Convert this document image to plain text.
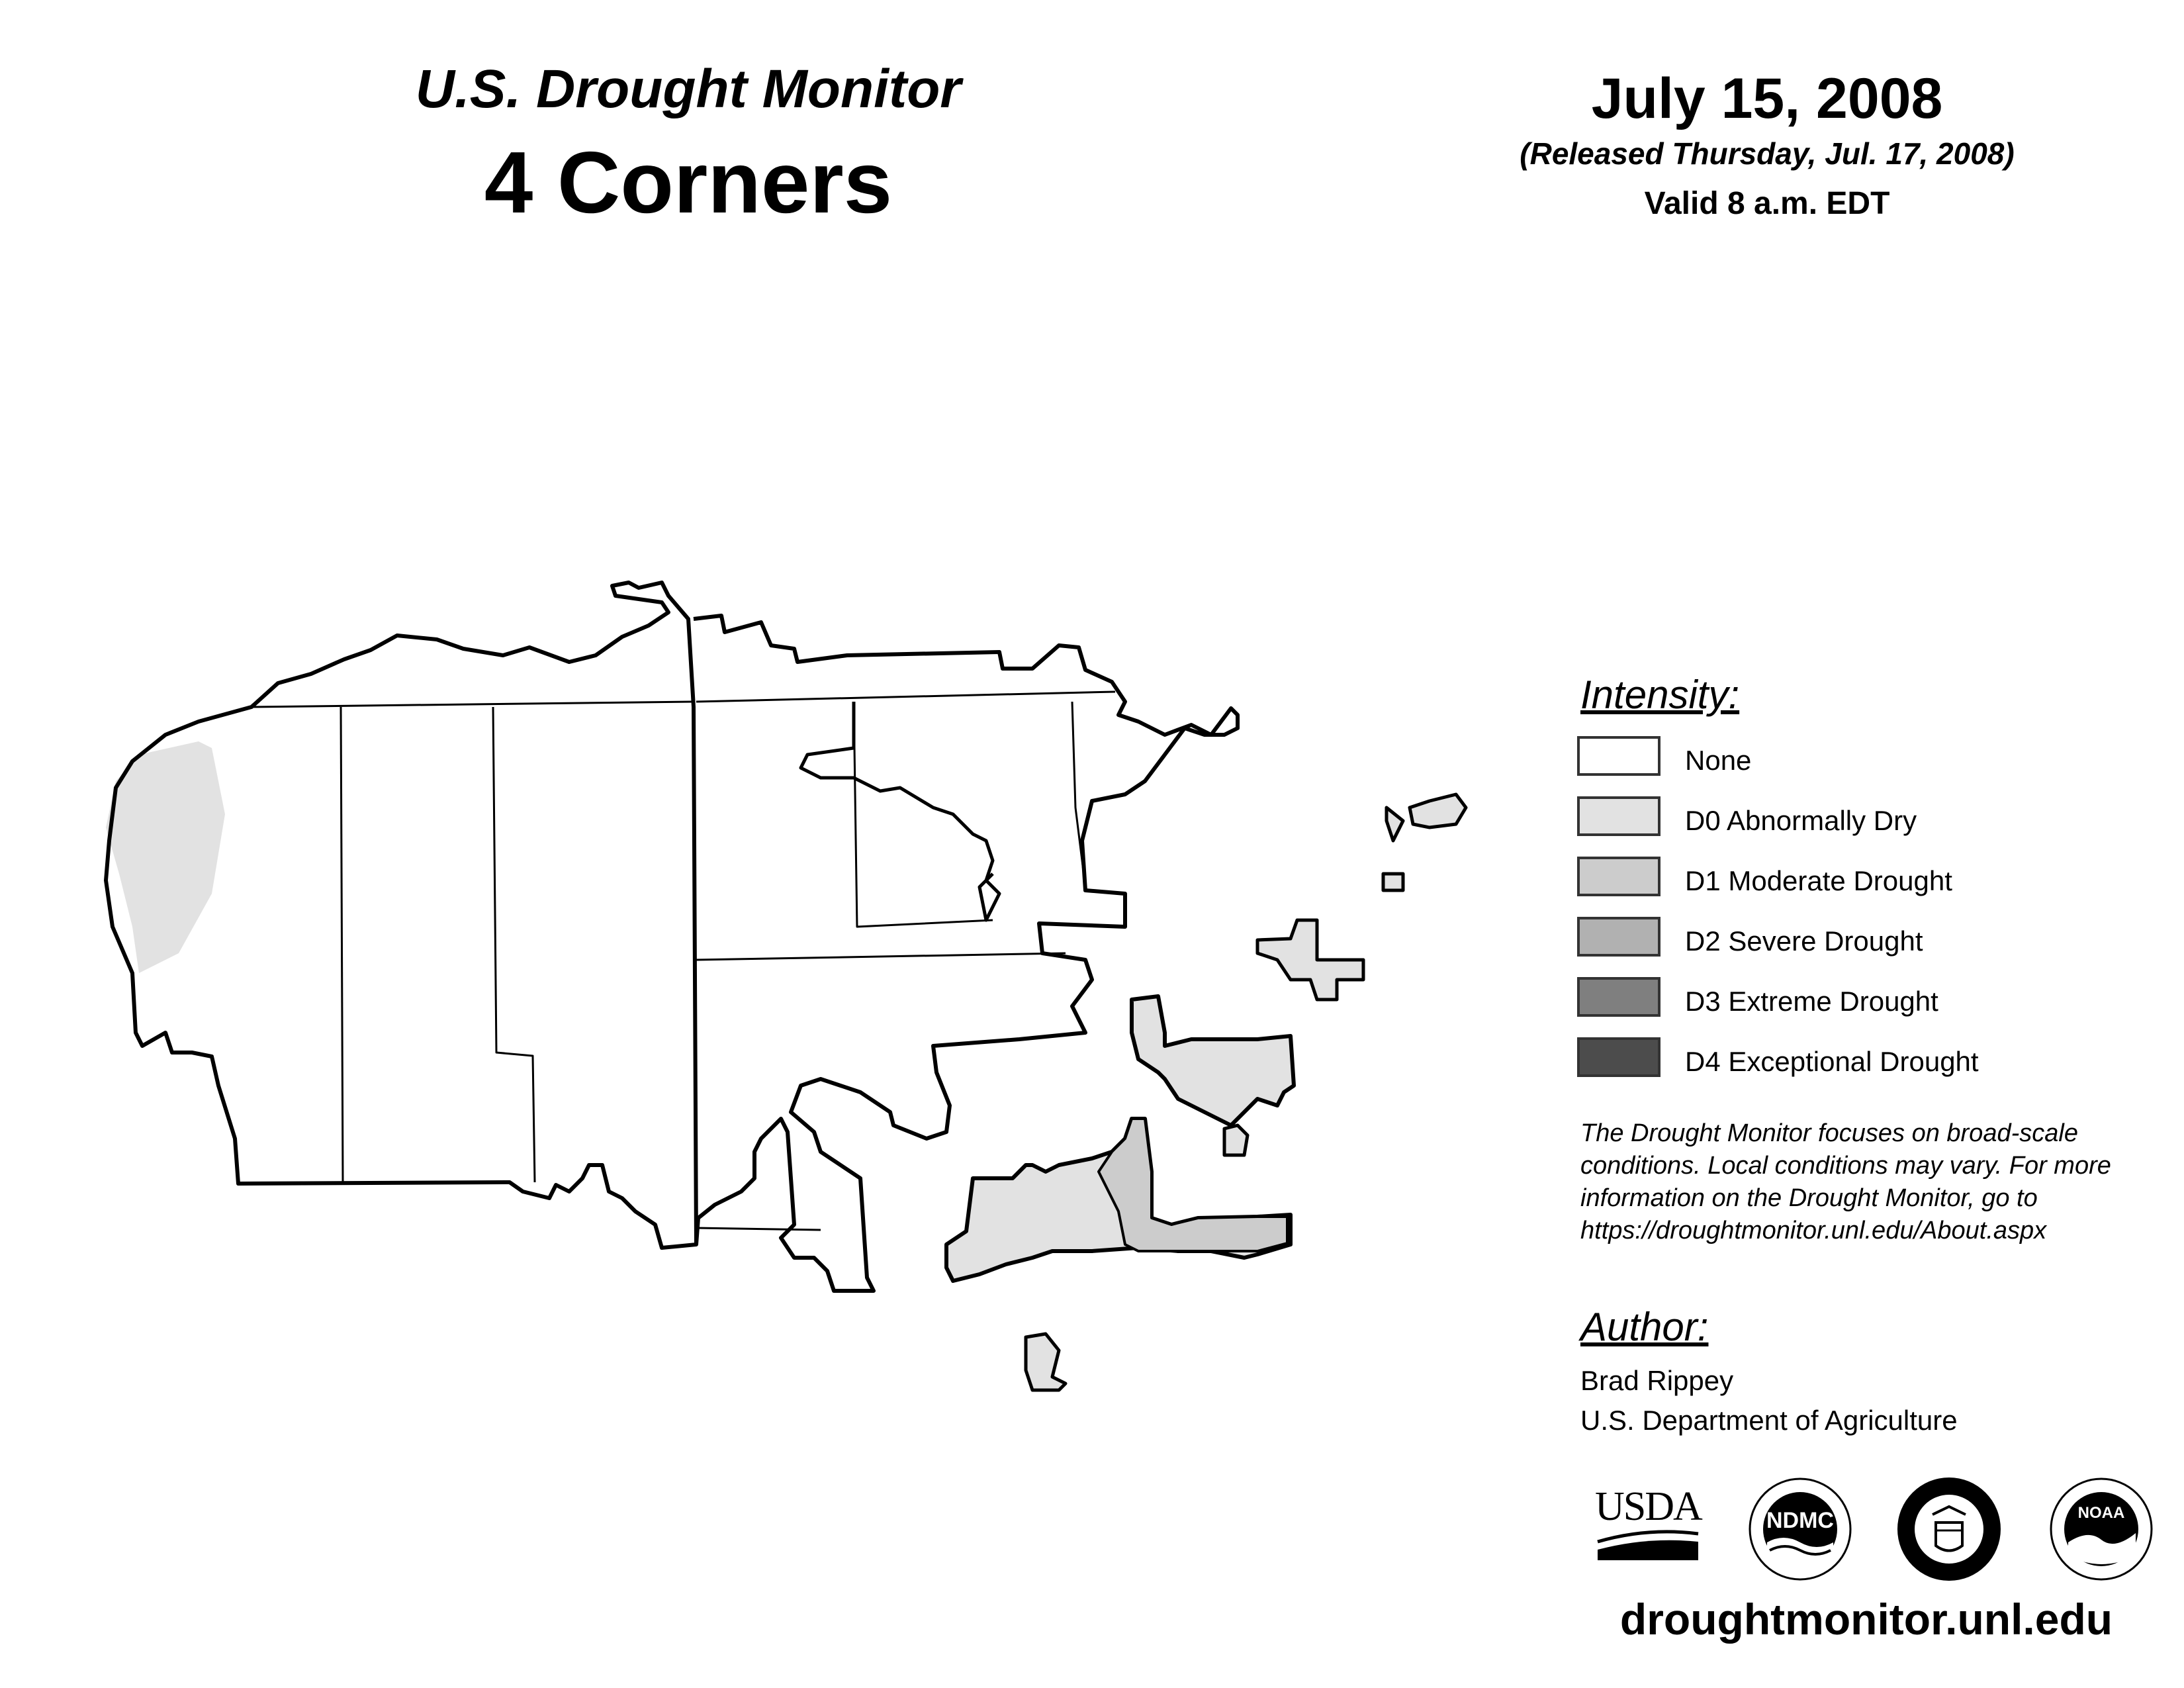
U.S. Drought Monitor
4 Corners
July 15, 2008
(Released Thursday, Jul. 17, 2008)
Valid 8 a.m. EDT
Intensity:
None
D0 Abnormally Dry
D1 Moderate Drought
D2 Severe Drought
D3 Extreme Drought
D4 Exceptional Drought
The Drought Monitor focuses on broad-scale
conditions. Local conditions may vary. For more
information on the Drought Monitor, go to
https://droughtmonitor.unl.edu/About.aspx
Author:
Brad Rippey
U.S. Department of Agriculture
USDA	NDMC	NOAA
droughtmonitor.unl.edu
